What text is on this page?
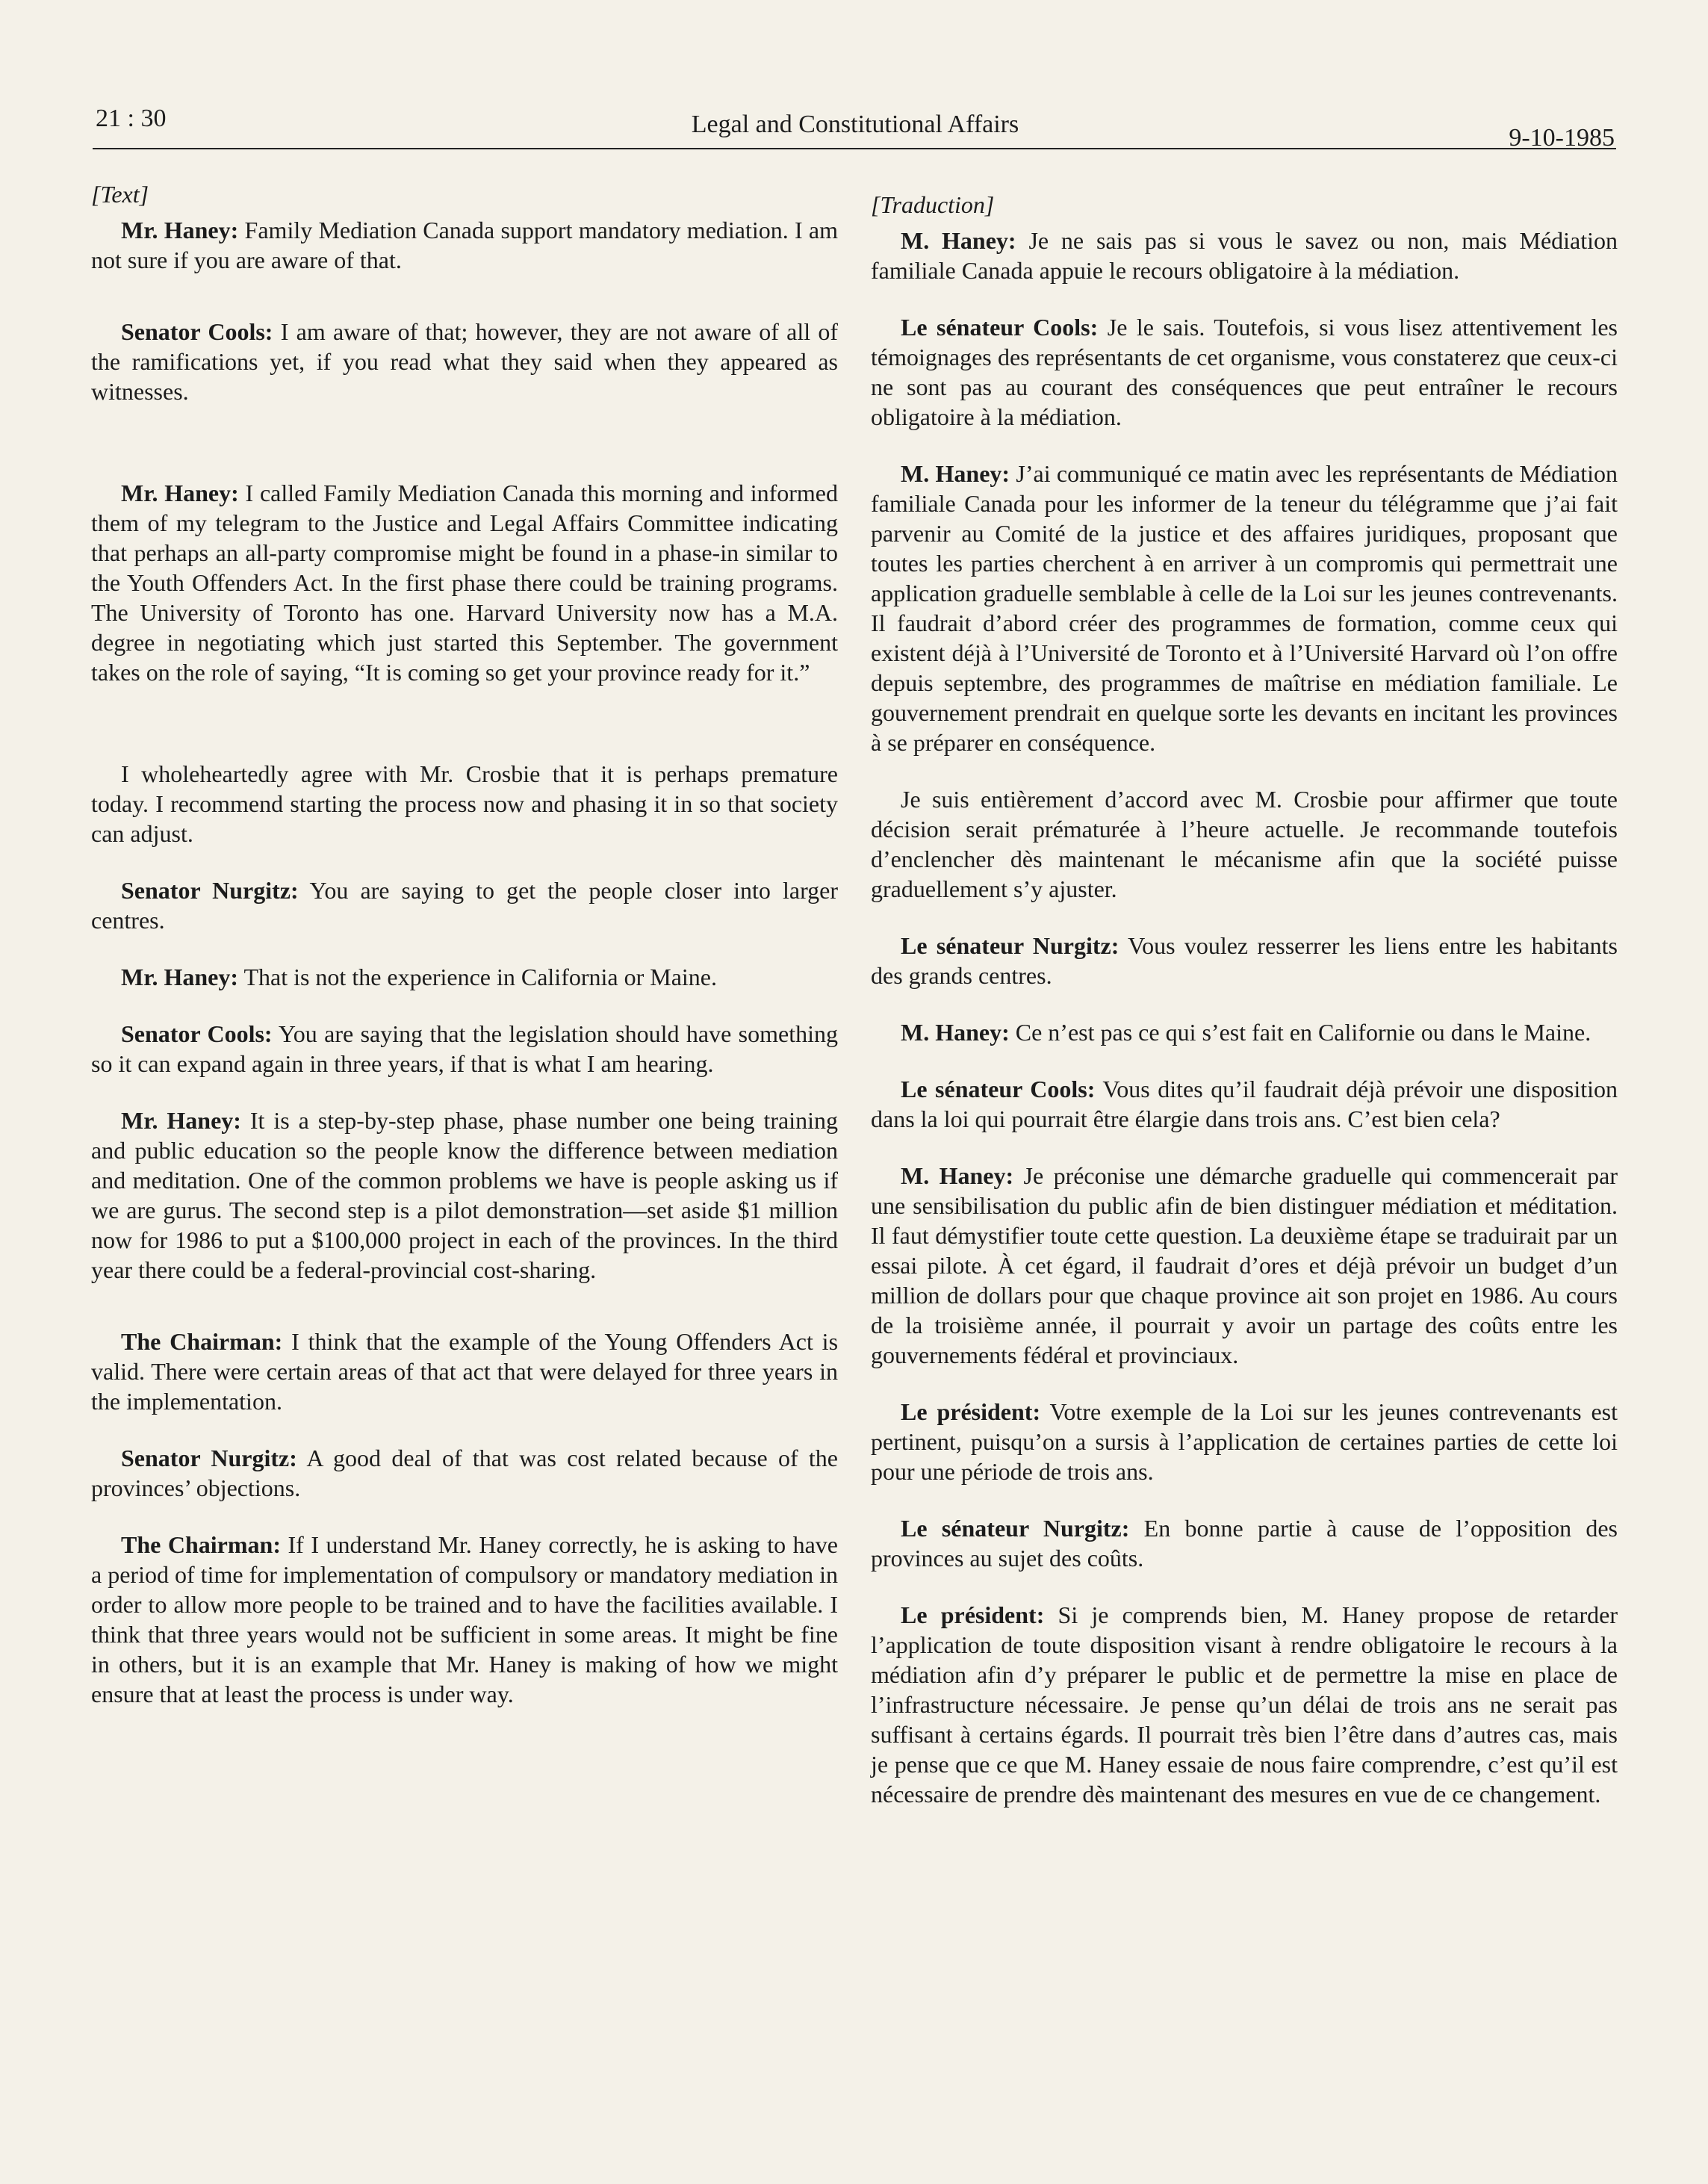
21 : 30	Legal and Constitutional Affairs	9-10-1985
[Text]

Mr. Haney: Family Mediation Canada support mandatory mediation. I am not sure if you are aware of that.

Senator Cools: I am aware of that; however, they are not aware of all of the ramifications yet, if you read what they said when they appeared as witnesses.

Mr. Haney: I called Family Mediation Canada this morning and informed them of my telegram to the Justice and Legal Affairs Committee indicating that perhaps an all-party compromise might be found in a phase-in similar to the Youth Offenders Act. In the first phase there could be training programs. The University of Toronto has one. Harvard University now has a M.A. degree in negotiating which just started this September. The government takes on the role of saying, “It is coming so get your province ready for it.”

I wholeheartedly agree with Mr. Crosbie that it is perhaps premature today. I recommend starting the process now and phasing it in so that society can adjust.

Senator Nurgitz: You are saying to get the people closer into larger centres.

Mr. Haney: That is not the experience in California or Maine.

Senator Cools: You are saying that the legislation should have something so it can expand again in three years, if that is what I am hearing.

Mr. Haney: It is a step-by-step phase, phase number one being training and public education so the people know the difference between mediation and meditation. One of the common problems we have is people asking us if we are gurus. The second step is a pilot demonstration—set aside $1 million now for 1986 to put a $100,000 project in each of the provinces. In the third year there could be a federal-provincial cost-sharing.

The Chairman: I think that the example of the Young Offenders Act is valid. There were certain areas of that act that were delayed for three years in the implementation.

Senator Nurgitz: A good deal of that was cost related because of the provinces’ objections.

The Chairman: If I understand Mr. Haney correctly, he is asking to have a period of time for implementation of compulsory or mandatory mediation in order to allow more people to be trained and to have the facilities available. I think that three years would not be sufficient in some areas. It might be fine in others, but it is an example that Mr. Haney is making of how we might ensure that at least the process is under way.

[Traduction]

M. Haney: Je ne sais pas si vous le savez ou non, mais Médiation familiale Canada appuie le recours obligatoire à la médiation.

Le sénateur Cools: Je le sais. Toutefois, si vous lisez attentivement les témoignages des représentants de cet organisme, vous constaterez que ceux-ci ne sont pas au courant des conséquences que peut entraîner le recours obligatoire à la médiation.

M. Haney: J’ai communiqué ce matin avec les représentants de Médiation familiale Canada pour les informer de la teneur du télégramme que j’ai fait parvenir au Comité de la justice et des affaires juridiques, proposant que toutes les parties cherchent à en arriver à un compromis qui permettrait une application graduelle semblable à celle de la Loi sur les jeunes contrevenants. Il faudrait d’abord créer des programmes de formation, comme ceux qui existent déjà à l’Université de Toronto et à l’Université Harvard où l’on offre depuis septembre, des programmes de maîtrise en médiation familiale. Le gouvernement prendrait en quelque sorte les devants en incitant les provinces à se préparer en conséquence.

Je suis entièrement d’accord avec M. Crosbie pour affirmer que toute décision serait prématurée à l’heure actuelle. Je recommande toutefois d’enclencher dès maintenant le mécanisme afin que la société puisse graduellement s’y ajuster.

Le sénateur Nurgitz: Vous voulez resserrer les liens entre les habitants des grands centres.

M. Haney: Ce n’est pas ce qui s’est fait en Californie ou dans le Maine.

Le sénateur Cools: Vous dites qu’il faudrait déjà prévoir une disposition dans la loi qui pourrait être élargie dans trois ans. C’est bien cela?

M. Haney: Je préconise une démarche graduelle qui commencerait par une sensibilisation du public afin de bien distinguer médiation et méditation. Il faut démystifier toute cette question. La deuxième étape se traduirait par un essai pilote. À cet égard, il faudrait d’ores et déjà prévoir un budget d’un million de dollars pour que chaque province ait son projet en 1986. Au cours de la troisième année, il pourrait y avoir un partage des coûts entre les gouvernements fédéral et provinciaux.

Le président: Votre exemple de la Loi sur les jeunes contrevenants est pertinent, puisqu’on a sursis à l’application de certaines parties de cette loi pour une période de trois ans.

Le sénateur Nurgitz: En bonne partie à cause de l’opposition des provinces au sujet des coûts.

Le président: Si je comprends bien, M. Haney propose de retarder l’application de toute disposition visant à rendre obligatoire le recours à la médiation afin d’y préparer le public et de permettre la mise en place de l’infrastructure nécessaire. Je pense qu’un délai de trois ans ne serait pas suffisant à certains égards. Il pourrait très bien l’être dans d’autres cas, mais je pense que ce que M. Haney essaie de nous faire comprendre, c’est qu’il est nécessaire de prendre dès maintenant des mesures en vue de ce changement.
